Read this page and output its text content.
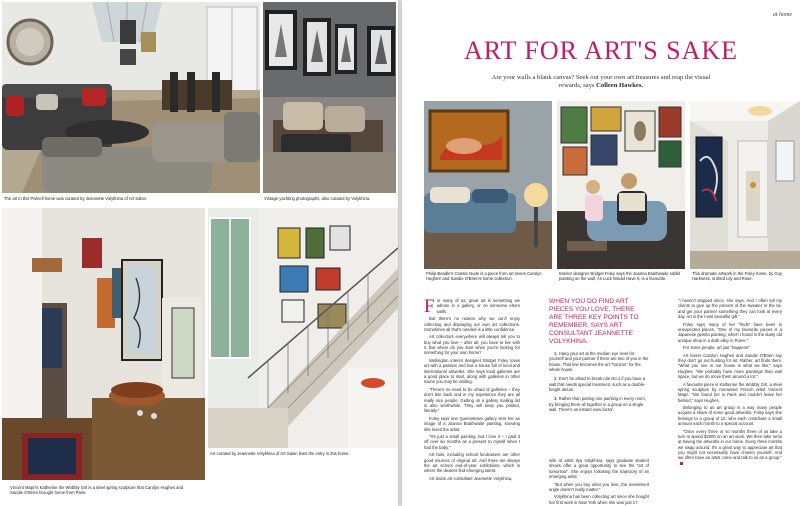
The art in this Parnell home was curated by Jeannette Volykhina of Art Salon.	Vintage yachting photographs, also curated by Volykhina.
Vincent Mapri's Katherine the Wobbly Girl is a steel spring sculpture that Carolyn Hughes and Sandie O'Brien brought home from Paris.
Art curated by Jeannette Volykhina of Art Salon lines the entry in this home.
at home
ART FOR ART'S SAKE
Are your walls a blank canvas? Seek out your own art treasures and reap the visual rewards, says Colleen Hawkes.
Philip Beadle's Classic Nude is a piece from art lovers Carolyn Hughes' and Sandie O'Brien's home collection.
Interior designer Bridget Foley says the Joanna Braithwaite rabbit painting on the wall, As Luck Would Have It, is a favourite.
This dramatic artwork in the Foley home, by Guy Harkness, is titled Lily and Rose.

For many of us, great art is something we admire in a gallery, or on someone else's walls.

But there's no reason why we can't enjoy collecting and displaying our own art collections. Sometimes all that's needed is a little confidence.

Art collectors everywhere will always tell you to buy what you love – after all, you have to live with it. But where do you start when you're looking for something for your own home?

Wellington interior designer Bridget Foley loves art with a passion and has a house full of local and international artworks. She says local galleries are a good place to start, along with galleries in other towns you may be visiting.

"There's no need to be afraid of galleries – they don't bite back and in my experience they are all really nice people. Getting on a gallery mailing list is also worthwhile. They will keep you posted, literally."

Foley says one Queenstown gallery sent her an image of a Joanna Braithwaite painting, knowing she loved the artist.

"It's just a small painting, but I love it – I paid it off over six months as a present to myself when I had the baby."

Art fairs, including school fundraisers are other good sources of original art. And there are always the art school end-of-year exhibitions, which is where the dealers find emerging talent.

Art Salon art consultant Jeannette Volykhina,

WHEN YOU DO FIND ART PIECES YOU LOVE, THERE ARE THREE KEY POINTS TO REMEMBER, SAYS ART CONSULTANT JEANNETTE VOLYKHINA.

1. Hang your art at the median eye level for yourself and your partner if there are two of you in the house. That line becomes the art "horizon" for the whole house.

2. Don't be afraid to break rule No.1 if you have a wall that needs special treatment, such as a double-height atrium.

3. Rather than putting one painting in every room, try bringing them all together in a group on a single wall. There's an instant wow factor.

wife of artist Ilya Volykhina, says graduate student shows offer a great opportunity to see the "art of tomorrow". She enjoys following the trajectory of an emerging artist.

"But when you buy what you love, the investment angle doesn't really matter."

Volykhina has been collecting art since she bought her first work in New York when she was just 17.

"I haven't stopped since, she says. And I often tell my clients to give up the present of the sweater or the tie, and get your partner something they can look at every day. Art is the most beautiful gift."

Foley says many of her "finds" have been in unexpected places. "One of my favourite pieces is a Japanese geisha painting, which I found in the dusty old antique shop in a dark alley in Rome."

For some people, art just "happens".

Art lovers Carolyn Hughes and Sandie O'Brien say they don't go out hunting for art. Rather, art finds them. "What you see in our house is what we like," says Hughes. "We probably have more paintings than wall space, but we do move them around a lot."

A favourite piece is Katherine the Wobbly Girl, a steel spring sculpture by renowned French artist Vincent Mapri. "We found her in Paris and couldn't leave her behind," says Hughes.

Belonging to an art group is a way many people acquire a share of some good artworks. Foley says she belongs to a group of 12, who each contribute a small amount each month to a special account.

"Once every three or so months three of us take a turn to spend $2000 on an art work. We then take turns at having the artworks in our home. Every three months we swap around. It's a great way to appreciate art that you might not necessarily have chosen yourself. And we often have an artist come and talk to us as a group."
